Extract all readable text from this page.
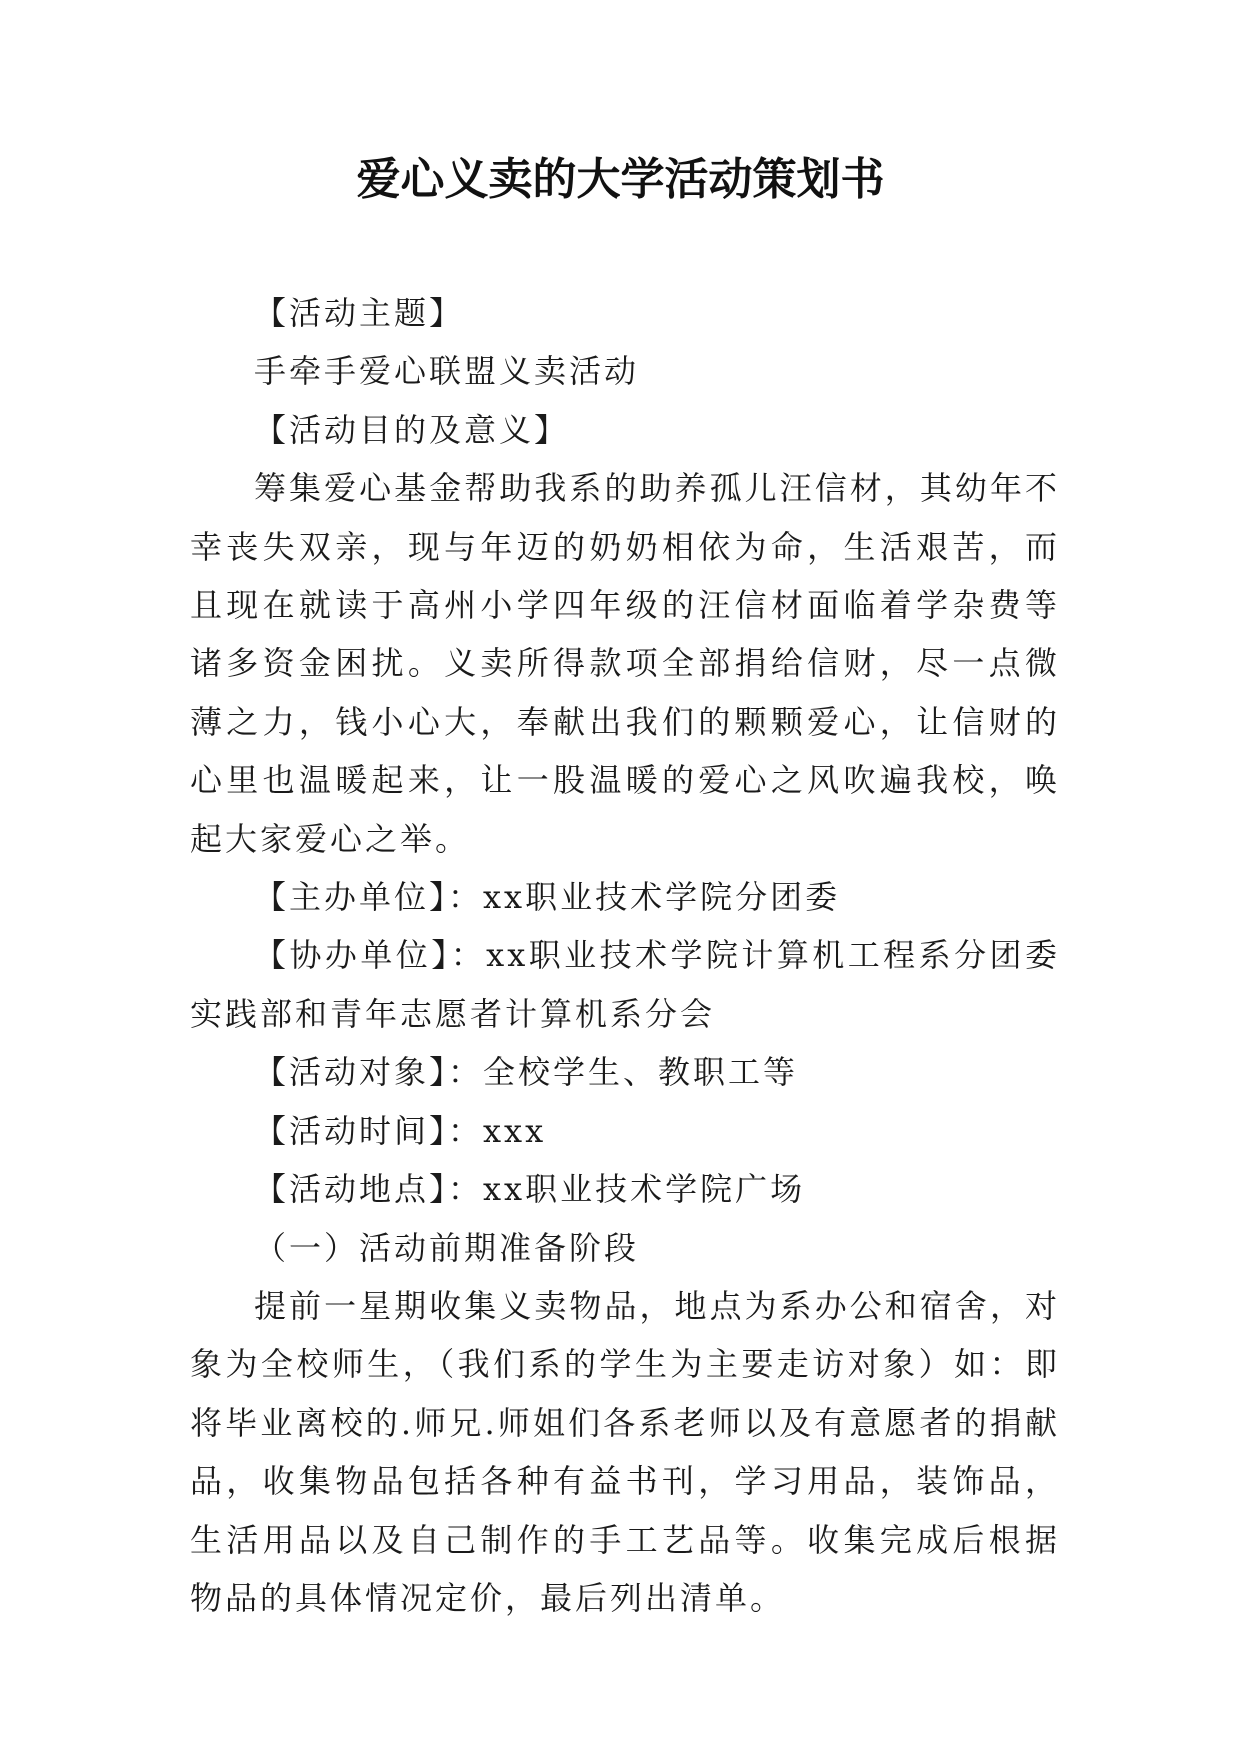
爱心义卖的大学活动策划书

【活动主题】

手牵手爱心联盟义卖活动

【活动目的及意义】

筹集爱心基金帮助我系的助养孤儿汪信材，其幼年不幸丧失双亲，现与年迈的奶奶相依为命，生活艰苦，而且现在就读于高州小学四年级的汪信材面临着学杂费等诸多资金困扰。义卖所得款项全部捐给信财，尽一点微薄之力，钱小心大，奉献出我们的颗颗爱心，让信财的心里也温暖起来，让一股温暖的爱心之风吹遍我校，唤起大家爱心之举。

【主办单位】：xx职业技术学院分团委

【协办单位】：xx职业技术学院计算机工程系分团委实践部和青年志愿者计算机系分会

【活动对象】：全校学生、教职工等

【活动时间】：xxx

【活动地点】：xx职业技术学院广场

（一）活动前期准备阶段

提前一星期收集义卖物品，地点为系办公和宿舍，对象为全校师生，（我们系的学生为主要走访对象）如：即将毕业离校的.师兄.师姐们各系老师以及有意愿者的捐献品，收集物品包括各种有益书刊，学习用品，装饰品，生活用品以及自己制作的手工艺品等。收集完成后根据物品的具体情况定价，最后列出清单。
